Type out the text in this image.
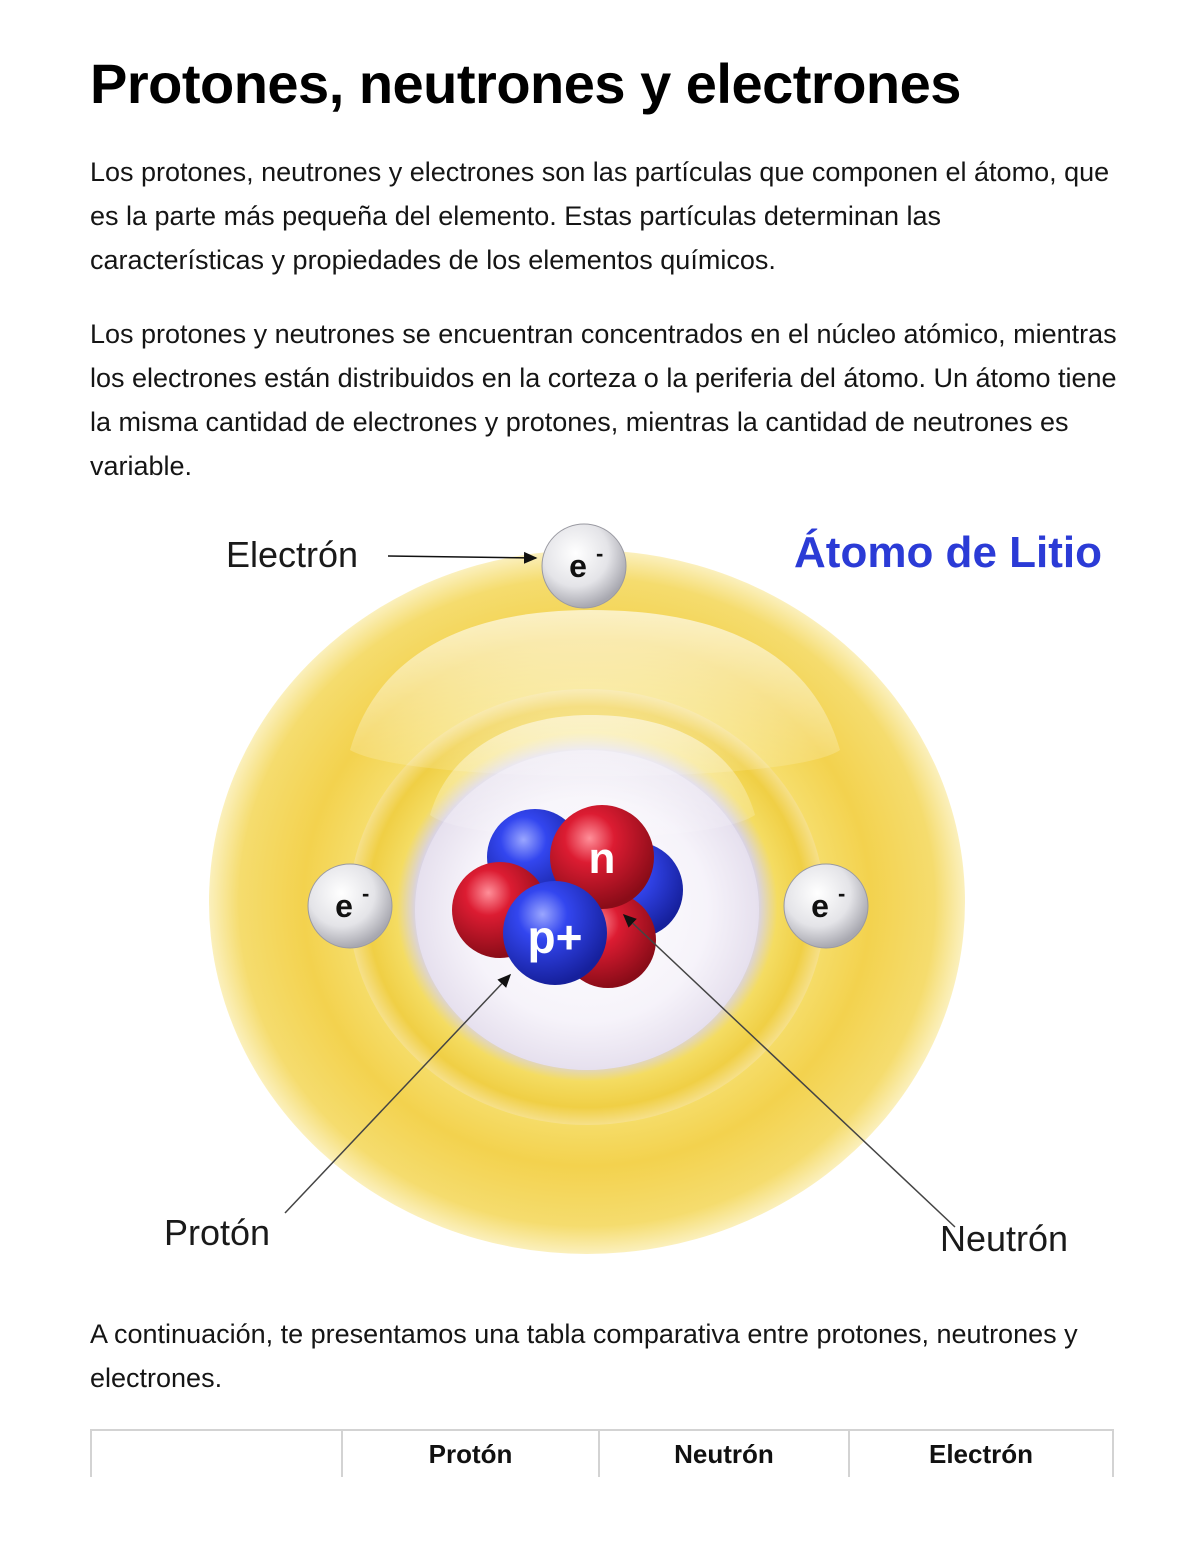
Protones, neutrones y electrones

Los protones, neutrones y electrones son las partículas que componen el átomo, que es la parte más pequeña del elemento. Estas partículas determinan las características y propiedades de los elementos químicos.

Los protones y neutrones se encuentran concentrados en el núcleo atómico, mientras los electrones están distribuidos en la corteza o la periferia del átomo. Un átomo tiene la misma cantidad de electrones y protones, mientras la cantidad de neutrones es variable.

A continuación, te presentamos una tabla comparativa entre protones, neutrones y electrones.

n
p+
e -
e -	e -
Átomo de Litio
Electrón
Protón	Neutrón
	Protón	Neutrón	Electrón
